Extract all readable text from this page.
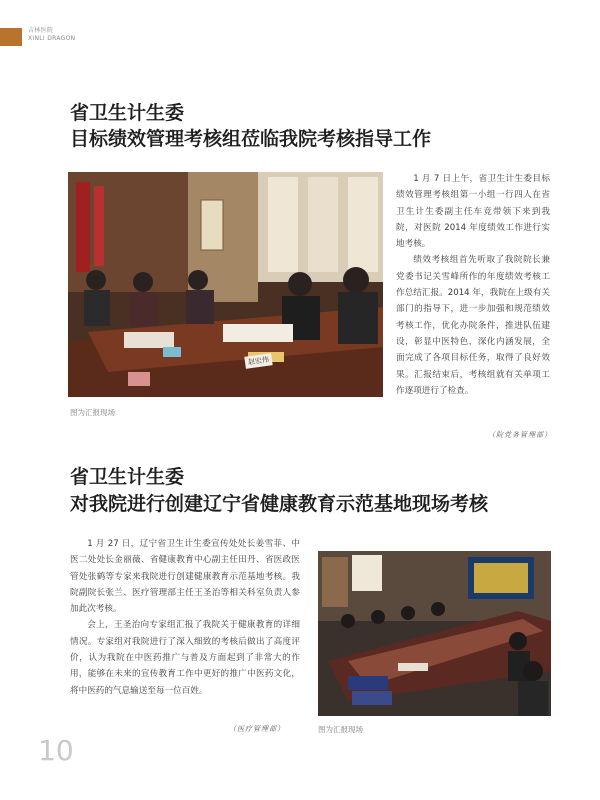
吉林医院
XINLI DRAGON
省卫生计生委
目标绩效管理考核组莅临我院考核指导工作
图为汇报现场

1 月 7 日上午，省卫生计生委目标绩效管理考核组第一小组一行四人在省卫生计生委副主任车竞带领下来到我院，对医院 2014 年度绩效工作进行实地考核。

绩效考核组首先听取了我院院长兼党委书记关雪峰所作的年度绩效考核工作总结汇报。2014 年，我院在上级有关部门的指导下，进一步加强和规范绩效考核工作，优化办院条件，推进队伍建设，彰显中医特色，深化内涵发展，全面完成了各项目标任务，取得了良好效果。汇报结束后，考核组就有关单项工作逐项进行了检查。

（院党务管理部）
省卫生计生委
对我院进行创建辽宁省健康教育示范基地现场考核

1 月 27 日，辽宁省卫生计生委宣传处处长姜雪菲、中医二处处长金丽薇、省健康教育中心副主任田丹、省医政医管处张鹤等专家来我院进行创建健康教育示范基地考核。我院副院长张兰、医疗管理部主任王圣治等相关科室负责人参加此次考核。

会上，王圣治向专家组汇报了我院关于健康教育的详细情况。专家组对我院进行了深入细致的考核后做出了高度评价，认为我院在中医药推广与普及方面起到了非常大的作用，能够在未来的宣传教育工作中更好的推广中医药文化，将中医药的气息输送至每一位百姓。

（医疗管理部）	图为汇报现场
10
赵宏伟
